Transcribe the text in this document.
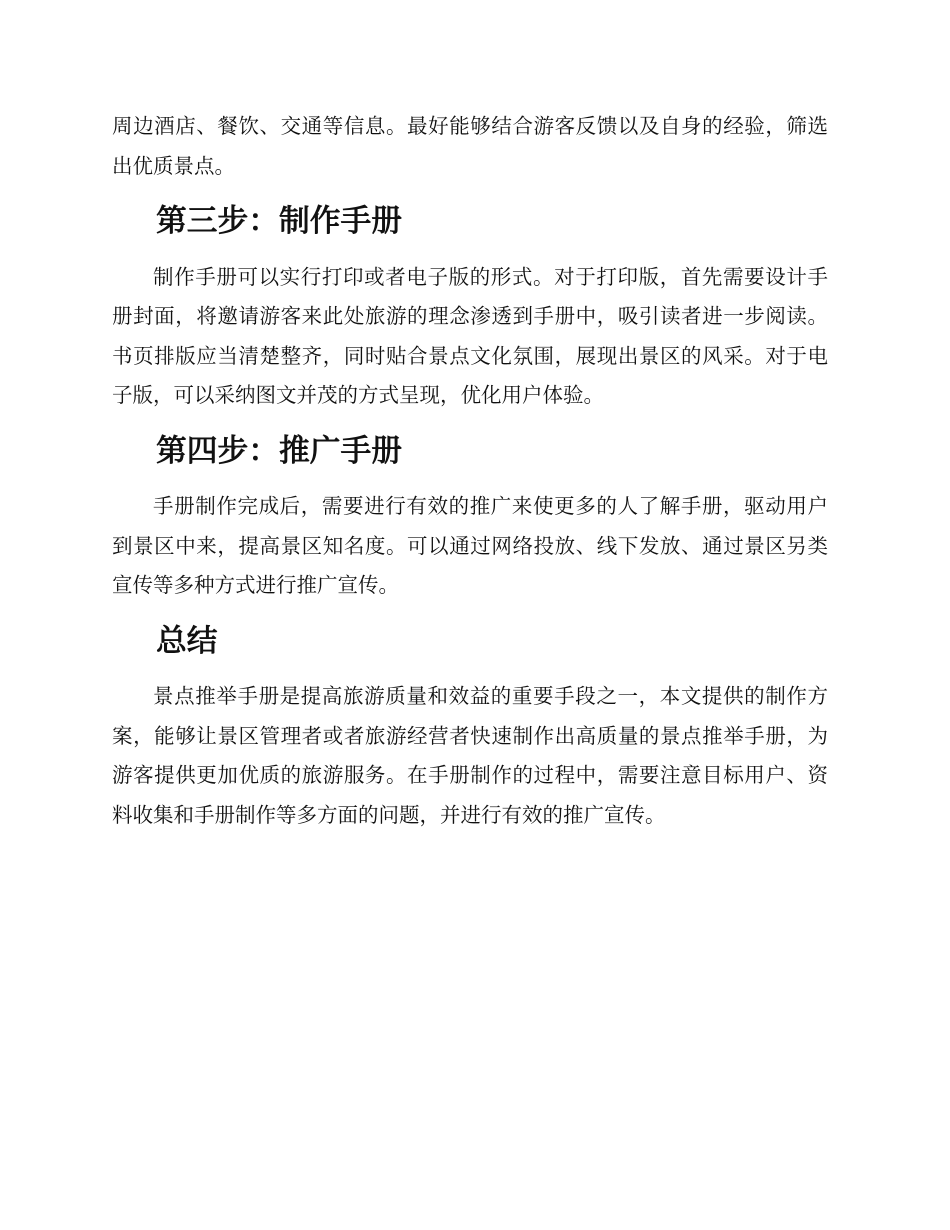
周边酒店、餐饮、交通等信息。最好能够结合游客反馈以及自身的经验，筛选出优质景点。

第三步：制作手册

制作手册可以实行打印或者电子版的形式。对于打印版，首先需要设计手册封面，将邀请游客来此处旅游的理念渗透到手册中，吸引读者进一步阅读。书页排版应当清楚整齐，同时贴合景点文化氛围，展现出景区的风采。对于电子版，可以采纳图文并茂的方式呈现，优化用户体验。

第四步：推广手册

手册制作完成后，需要进行有效的推广来使更多的人了解手册，驱动用户到景区中来，提高景区知名度。可以通过网络投放、线下发放、通过景区另类宣传等多种方式进行推广宣传。

总结

景点推举手册是提高旅游质量和效益的重要手段之一，本文提供的制作方案，能够让景区管理者或者旅游经营者快速制作出高质量的景点推举手册，为游客提供更加优质的旅游服务。在手册制作的过程中，需要注意目标用户、资料收集和手册制作等多方面的问题，并进行有效的推广宣传。
